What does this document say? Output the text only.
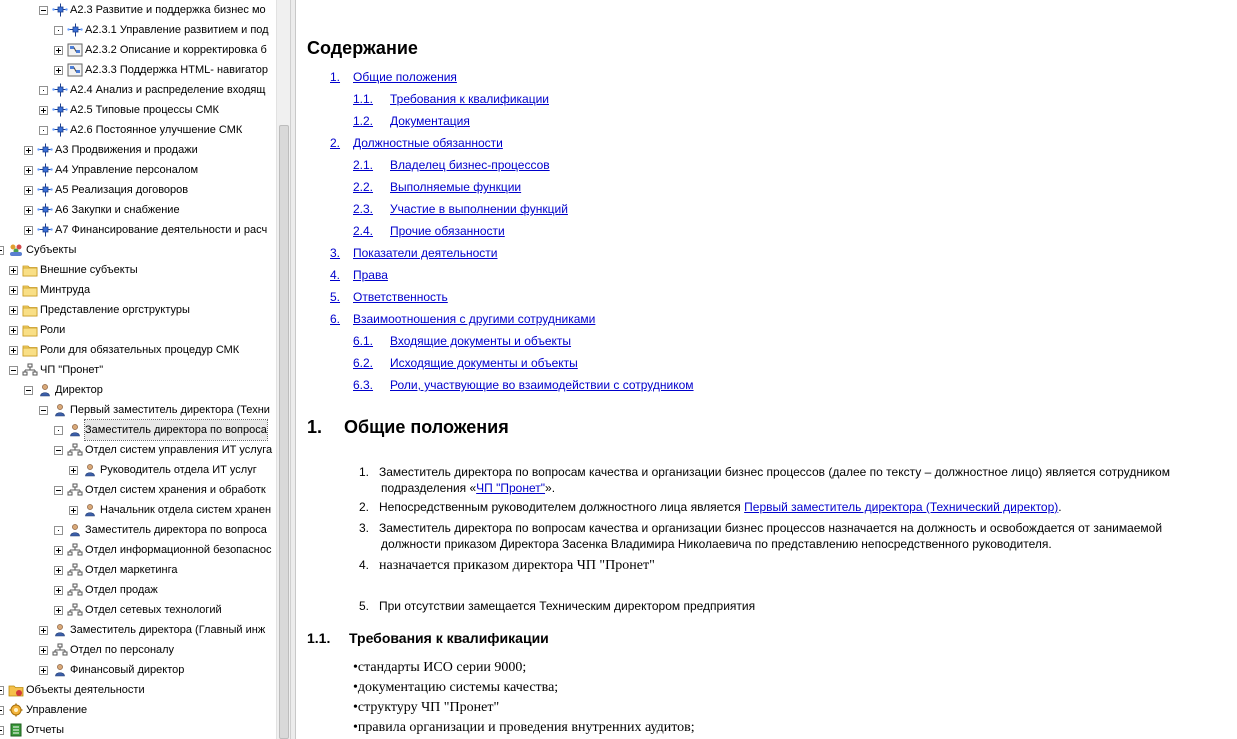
A2.3 Развитие и поддержка бизнес мо
A2.3.1 Управление развитием и под
A2.3.2 Описание и корректировка б
A2.3.3 Поддержка HTML- навигатор
A2.4 Анализ и распределение входящ
A2.5 Типовые процессы СМК
A2.6 Постоянное улучшение СМК
A3 Продвижения и продажи
A4 Управление персоналом
A5 Реализация договоров
A6 Закупки и снабжение
A7 Финансирование деятельности и расч
Субъекты
Внешние субъекты
Минтруда
Представление оргструктуры
Роли
Роли для обязательных процедур СМК
ЧП "Пронет"
Директор
Первый заместитель директора (Техни
Заместитель директора по вопроса
Отдел систем управления ИТ услуга
Руководитель отдела ИТ услуг
Отдел систем хранения и обработк
Начальник отдела систем хранен
Заместитель директора по вопроса
Отдел информационной безопаснос
Отдел маркетинга
Отдел продаж
Отдел сетевых технологий
Заместитель директора (Главный инж
Отдел по персоналу
Финансовый директор
Объекты деятельности
Управление
Отчеты
Содержание
1. Общие положения
1.1. Требования к квалификации
1.2. Документация
2. Должностные обязанности
2.1. Владелец бизнес-процессов
2.2. Выполняемые функции
2.3. Участие в выполнении функций
2.4. Прочие обязанности
3. Показатели деятельности
4. Права
5. Ответственность
6. Взаимоотношения с другими сотрудниками
6.1. Входящие документы и объекты
6.2. Исходящие документы и объекты
6.3. Роли, участвующие во взаимодействии с сотрудником
1. Общие положения
1. Заместитель директора по вопросам качества и организации бизнес процессов (далее по тексту – должностное лицо) является сотрудником
подразделения «ЧП "Пронет"».
2. Непосредственным руководителем должностного лица является Первый заместитель директора (Технический директор).
3. Заместитель директора по вопросам качества и организации бизнес процессов назначается на должность и освобождается от занимаемой
должности приказом Директора Засенка Владимира Николаевича по представлению непосредственного руководителя.
4. назначается приказом директора ЧП "Пронет"
5. При отсутствии замещается Техническим директором предприятия
1.1. Требования к квалификации
•стандарты ИСО серии 9000;
•документацию системы качества;
•структуру ЧП "Пронет"
•правила организации и проведения внутренних аудитов;
